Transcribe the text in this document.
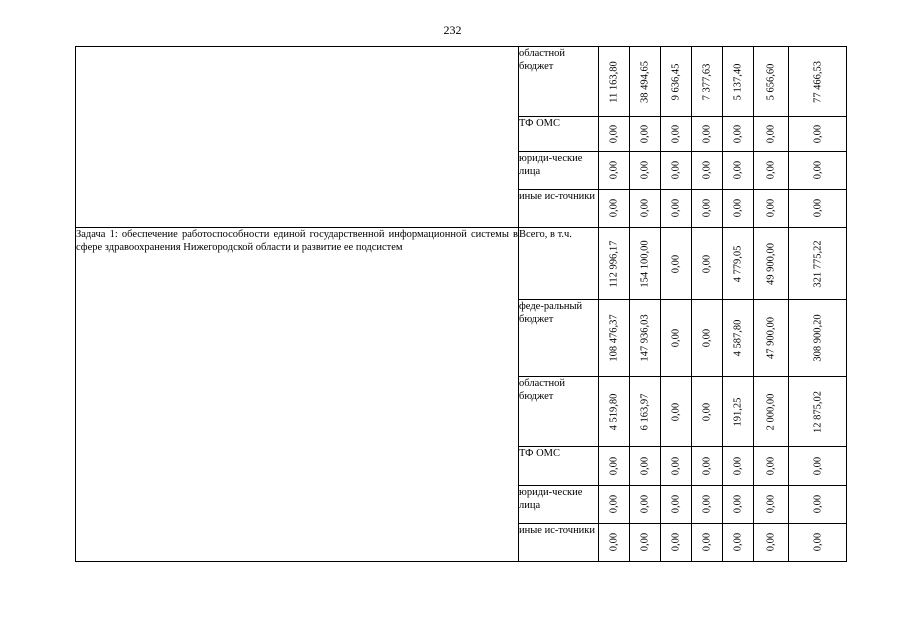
232
	областной бюджет	11 163,80	38 494,65	9 636,45	7 377,63	5 137,40	5 656,60	77 466,53

	ТФ ОМС	0,00	0,00	0,00	0,00	0,00	0,00	0,00

	юриди-ческие лица	0,00	0,00	0,00	0,00	0,00	0,00	0,00

	иные ис-точники	0,00	0,00	0,00	0,00	0,00	0,00	0,00

Задача 1: обеспечение работоспособности единой государственной информационной системы в сфере здравоохранения Нижегородской области и развитие ее подсистем	Всего, в т.ч.	112 996,17	154 100,00	0,00	0,00	4 779,05	49 900,00	321 775,22

	феде-ральный бюджет	108 476,37	147 936,03	0,00	0,00	4 587,80	47 900,00	308 900,20

	областной бюджет	4 519,80	6 163,97	0,00	0,00	191,25	2 000,00	12 875,02

	ТФ ОМС	0,00	0,00	0,00	0,00	0,00	0,00	0,00

	юриди-ческие лица	0,00	0,00	0,00	0,00	0,00	0,00	0,00

	иные ис-точники	0,00	0,00	0,00	0,00	0,00	0,00	0,00
